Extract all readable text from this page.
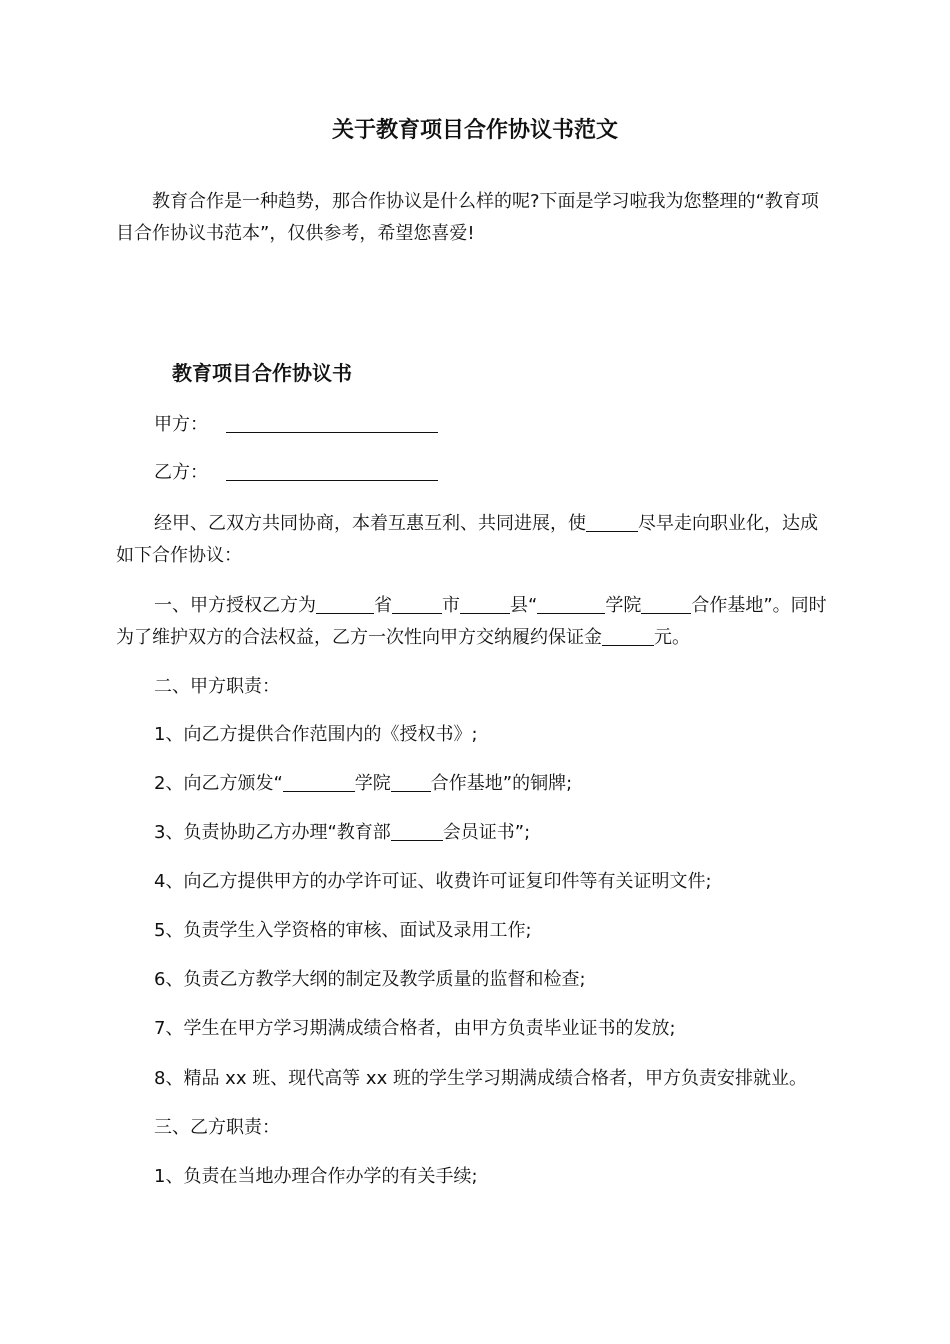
关于教育项目合作协议书范文

教育合作是一种趋势，那合作协议是什么样的呢?下面是学习啦我为您整理的“教育项目合作协议书范本”，仅供参考，希望您喜爱!

教育项目合作协议书
甲方：
乙方：

经甲、乙双方共同协商，本着互惠互利、共同进展，使	尽早走向职业化，达成如下合作协议：

一、甲方授权乙方为	省	市	县“	学院	合作基地”。同时为了维护双方的合法权益，乙方一次性向甲方交纳履约保证金	元。

二、甲方职责：
1、向乙方提供合作范围内的《授权书》;
2、向乙方颁发“	学院 合作基地”的铜牌;
3、负责协助乙方办理“教育部	会员证书”;
4、向乙方提供甲方的办学许可证、收费许可证复印件等有关证明文件;
5、负责学生入学资格的审核、面试及录用工作;
6、负责乙方教学大纲的制定及教学质量的监督和检查;
7、学生在甲方学习期满成绩合格者，由甲方负责毕业证书的发放;
8、精品 xx 班、现代高等 xx 班的学生学习期满成绩合格者，甲方负责安排就业。
三、乙方职责：
1、负责在当地办理合作办学的有关手续;
